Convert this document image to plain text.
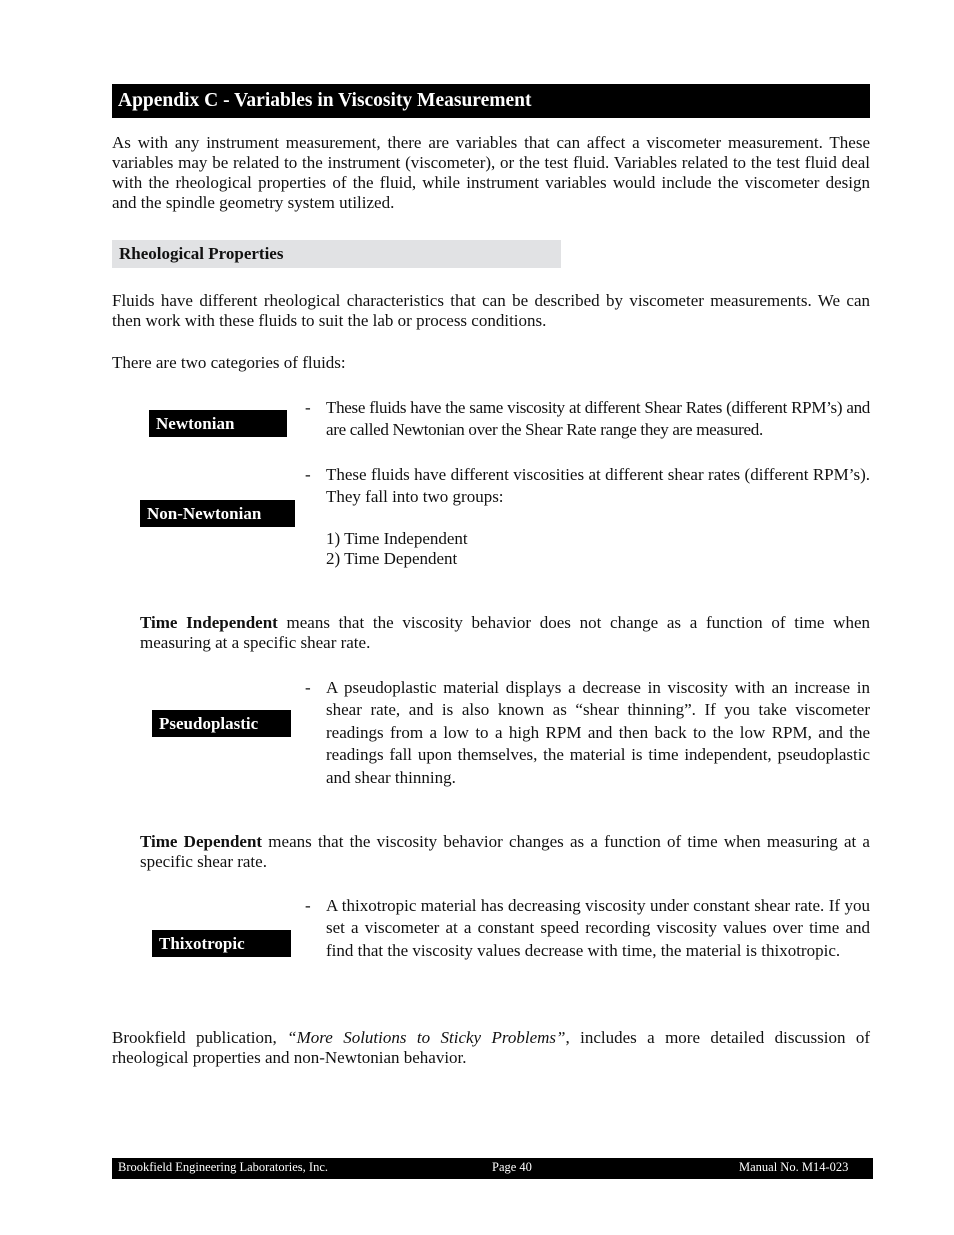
Appendix C - Variables in Viscosity Measurement

As with any instrument measurement, there are variables that can affect a viscometer measurement. These variables may be related to the instrument (viscometer), or the test fluid. Variables related to the test fluid deal with the rheological properties of the fluid, while instrument variables would include the viscometer design and the spindle geometry system utilized.

Rheological Properties

Fluids have different rheological characteristics that can be described by viscometer measurements. We can then work with these fluids to suit the lab or process conditions.

There are two categories of fluids:

Newtonian
- These fluids have the same viscosity at different Shear Rates (different RPM’s) and are called Newtonian over the Shear Rate range they are measured.
Non-Newtonian
- These fluids have different viscosities at different shear rates (different RPM’s). They fall into two groups:
1) Time Independent
2) Time Dependent

Time Independent means that the viscosity behavior does not change as a function of time when measuring at a specific shear rate.

Pseudoplastic
- A pseudoplastic material displays a decrease in viscosity with an increase in shear rate, and is also known as “shear thinning”. If you take viscometer readings from a low to a high RPM and then back to the low RPM, and the readings fall upon themselves, the material is time independent, pseudoplastic and shear thinning.

Time Dependent means that the viscosity behavior changes as a function of time when measuring at a specific shear rate.

Thixotropic
- A thixotropic material has decreasing viscosity under constant shear rate. If you set a viscometer at a constant speed recording viscosity values over time and find that the viscosity values decrease with time, the material is thixotropic.

Brookfield publication, “More Solutions to Sticky Problems”, includes a more detailed discussion of rheological properties and non-Newtonian behavior.

Brookfield Engineering Laboratories, Inc.	Page 40	Manual No. M14-023
